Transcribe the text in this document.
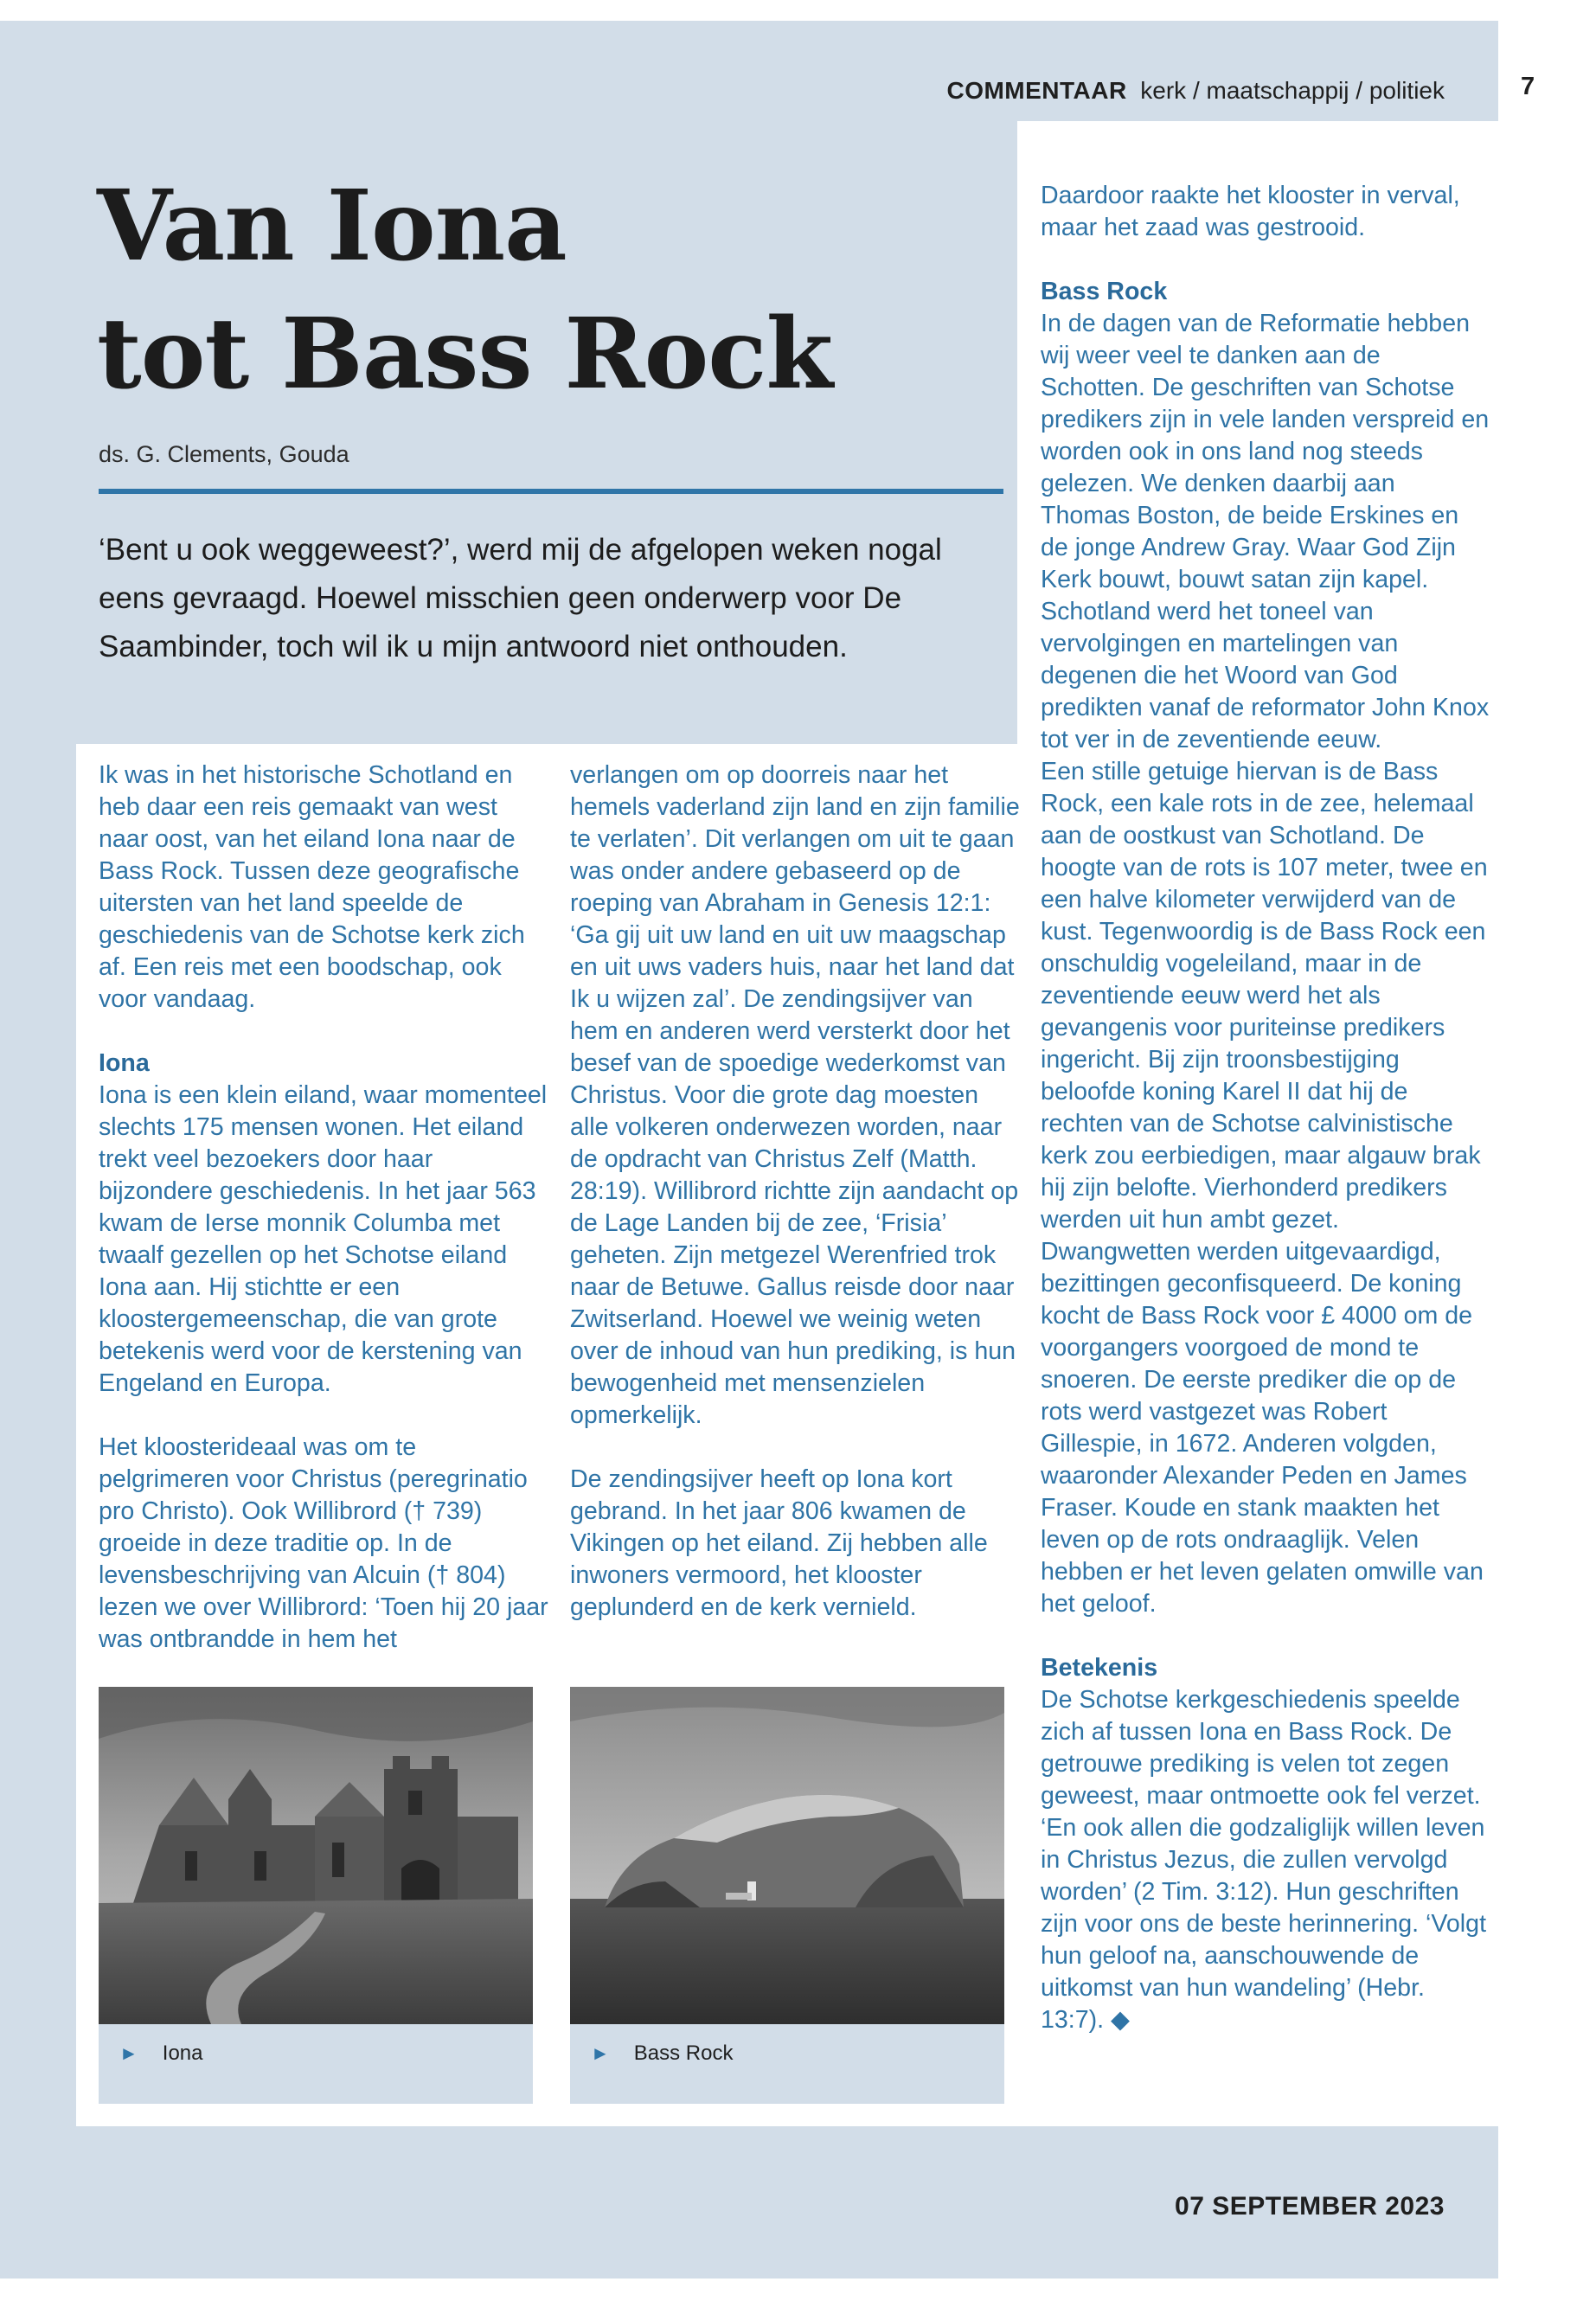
7
COMMENTAAR kerk / maatschappij / politiek
Van Iona
tot Bass Rock
ds. G. Clements, Gouda

‘Bent u ook weggeweest?’, werd mij de afgelopen weken nogal eens gevraagd. Hoewel misschien geen onderwerp voor De Saambinder, toch wil ik u mijn antwoord niet onthouden.

Ik was in het historische Schotland en heb daar een reis gemaakt van west naar oost, van het eiland Iona naar de Bass Rock. Tussen deze geografische uitersten van het land speelde de geschiedenis van de Schotse kerk zich af. Een reis met een boodschap, ook voor vandaag.

Iona

Iona is een klein eiland, waar momenteel slechts 175 mensen wonen. Het eiland trekt veel bezoekers door haar bijzondere geschiedenis. In het jaar 563 kwam de Ierse monnik Columba met twaalf gezellen op het Schotse eiland Iona aan. Hij stichtte er een kloostergemeenschap, die van grote betekenis werd voor de kerstening van Engeland en Europa.

Het kloosterideaal was om te pelgrimeren voor Christus (peregrinatio pro Christo). Ook Willibrord († 739) groeide in deze traditie op. In de levensbeschrijving van Alcuin († 804) lezen we over Willibrord: ‘Toen hij 20 jaar was ontbrandde in hem het

verlangen om op doorreis naar het hemels vaderland zijn land en zijn familie te verlaten’. Dit verlangen om uit te gaan was onder andere gebaseerd op de roeping van Abraham in Genesis 12:1: ‘Ga gij uit uw land en uit uw maagschap en uit uws vaders huis, naar het land dat Ik u wijzen zal’. De zendingsijver van hem en anderen werd versterkt door het besef van de spoedige wederkomst van Christus. Voor die grote dag moesten alle volkeren onderwezen worden, naar de opdracht van Christus Zelf (Matth. 28:19). Willibrord richtte zijn aandacht op de Lage Landen bij de zee, ‘Frisia’ geheten. Zijn metgezel Werenfried trok naar de Betuwe. Gallus reisde door naar Zwitserland. Hoewel we weinig weten over de inhoud van hun prediking, is hun bewogenheid met mensenzielen opmerkelijk.

De zendingsijver heeft op Iona kort gebrand. In het jaar 806 kwamen de Vikingen op het eiland. Zij hebben alle inwoners vermoord, het klooster geplunderd en de kerk vernield.

Daardoor raakte het klooster in verval, maar het zaad was gestrooid.

Bass Rock

In de dagen van de Reformatie hebben wij weer veel te danken aan de Schotten. De geschriften van Schotse predikers zijn in vele landen verspreid en worden ook in ons land nog steeds gelezen. We denken daarbij aan Thomas Boston, de beide Erskines en de jonge Andrew Gray. Waar God Zijn Kerk bouwt, bouwt satan zijn kapel. Schotland werd het toneel van vervolgingen en martelingen van degenen die het Woord van God predikten vanaf de reformator John Knox tot ver in de zeventiende eeuw.

Een stille getuige hiervan is de Bass Rock, een kale rots in de zee, helemaal aan de oostkust van Schotland. De hoogte van de rots is 107 meter, twee en een halve kilometer verwijderd van de kust. Tegenwoordig is de Bass Rock een onschuldig vogeleiland, maar in de zeventiende eeuw werd het als gevangenis voor puriteinse predikers ingericht. Bij zijn troonsbestijging beloofde koning Karel II dat hij de rechten van de Schotse calvinistische kerk zou eerbiedigen, maar algauw brak hij zijn belofte. Vierhonderd predikers werden uit hun ambt gezet. Dwangwetten werden uitgevaardigd, bezittingen geconfisqueerd. De koning kocht de Bass Rock voor £ 4000 om de voorgangers voorgoed de mond te snoeren. De eerste prediker die op de rots werd vastgezet was Robert Gillespie, in 1672. Anderen volgden, waaronder Alexander Peden en James Fraser. Koude en stank maakten het leven op de rots ondraaglijk. Velen hebben er het leven gelaten omwille van het geloof.

Betekenis

De Schotse kerkgeschiedenis speelde zich af tussen Iona en Bass Rock. De getrouwe prediking is velen tot zegen geweest, maar ontmoette ook fel verzet. ‘En ook allen die godzaliglijk willen leven in Christus Jezus, die zullen vervolgd worden’ (2 Tim. 3:12). Hun geschriften zijn voor ons de beste herinnering. ‘Volgt hun geloof na, aanschouwende de uitkomst van hun wandeling’ (Hebr. 13:7). ◆

► Iona	► Bass Rock
07 SEPTEMBER 2023
